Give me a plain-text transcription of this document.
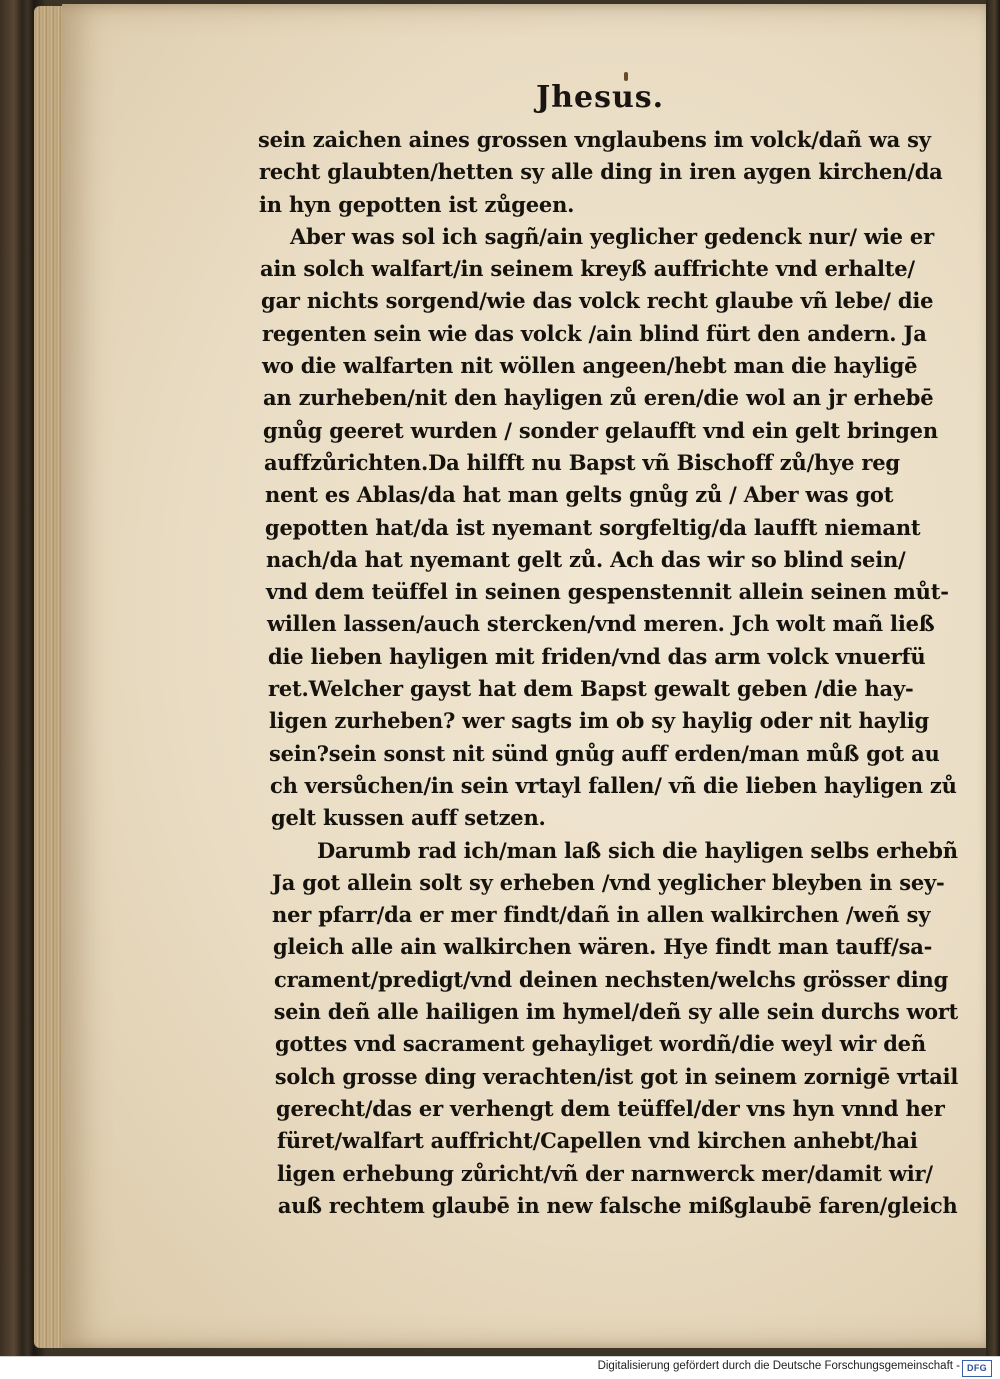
Jhesus.
sein zaichen aines grossen vnglaubens im volck/dañ wa sy
recht glaubten/hetten sy alle ding in iren aygen kirchen/da
in hyn gepotten ist zůgeen.
Aber was sol ich sagñ/ain yeglicher gedenck nur/ wie er
ain solch walfart/in seinem kreyß auffrichte vnd erhalte/
gar nichts sorgend/wie das volck recht glaube vñ lebe/ die
regenten sein wie das volck /ain blind fürt den andern. Ja
wo die walfarten nit wöllen angeen/hebt man die hayligē
an zurheben/nit den hayligen zů eren/die wol an jr erhebē
gnůg geeret wurden / sonder gelaufft vnd ein gelt bringen
auffzůrichten.Da hilfft nu Bapst vñ Bischoff zů/hye reg
nent es Ablas/da hat man gelts gnůg zů / Aber was got
gepotten hat/da ist nyemant sorgfeltig/da laufft niemant
nach/da hat nyemant gelt zů. Ach das wir so blind sein/
vnd dem teüffel in seinen gespenstennit allein seinen můt-
willen lassen/auch stercken/vnd meren. Jch wolt mañ ließ
die lieben hayligen mit friden/vnd das arm volck vnuerfü
ret.Welcher gayst hat dem Bapst gewalt geben /die hay-
ligen zurheben? wer sagts im ob sy haylig oder nit haylig
sein?sein sonst nit sünd gnůg auff erden/man můß got au
ch versůchen/in sein vrtayl fallen/ vñ die lieben hayligen zů
gelt kussen auff setzen.
Darumb rad ich/man laß sich die hayligen selbs erhebñ
Ja got allein solt sy erheben /vnd yeglicher bleyben in sey-
ner pfarr/da er mer findt/dañ in allen walkirchen /weñ sy
gleich alle ain walkirchen wären. Hye findt man tauff/sa-
crament/predigt/vnd deinen nechsten/welchs grösser ding
sein deñ alle hailigen im hymel/deñ sy alle sein durchs wort
gottes vnd sacrament gehayliget wordñ/die weyl wir deñ
solch grosse ding verachten/ist got in seinem zornigē vrtail
gerecht/das er verhengt dem teüffel/der vns hyn vnnd her
füret/walfart auffricht/Capellen vnd kirchen anhebt/hai
ligen erhebung zůricht/vñ der narnwerck mer/damit wir/
auß rechtem glaubē in new falsche mißglaubē faren/gleich
Digitalisierung gefördert durch die Deutsche Forschungsgemeinschaft - DFG
